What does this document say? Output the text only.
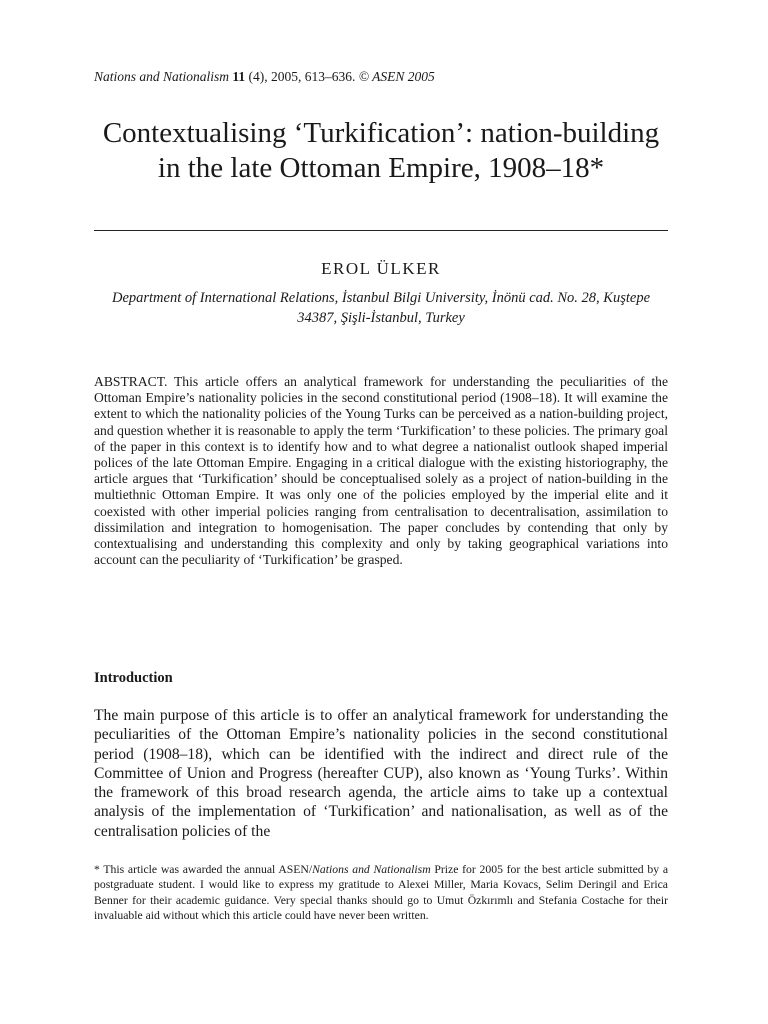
Nations and Nationalism 11 (4), 2005, 613–636. © ASEN 2005
Contextualising ‘Turkification’: nation-building in the late Ottoman Empire, 1908–18*
EROL ÜLKER
Department of International Relations, İstanbul Bilgi University, İnönü cad. No. 28, Kuştepe 34387, Şişli-İstanbul, Turkey
ABSTRACT. This article offers an analytical framework for understanding the peculiarities of the Ottoman Empire’s nationality policies in the second constitutional period (1908–18). It will examine the extent to which the nationality policies of the Young Turks can be perceived as a nation-building project, and question whether it is reasonable to apply the term ‘Turkification’ to these policies. The primary goal of the paper in this context is to identify how and to what degree a nationalist outlook shaped imperial polices of the late Ottoman Empire. Engaging in a critical dialogue with the existing historiography, the article argues that ‘Turkification’ should be conceptualised solely as a project of nation-building in the multiethnic Ottoman Empire. It was only one of the policies employed by the imperial elite and it coexisted with other imperial policies ranging from centralisation to decentralisation, assimilation to dissimilation and integration to homogenisation. The paper concludes by contending that only by contextualising and understanding this complexity and only by taking geographical variations into account can the peculiarity of ‘Turkification’ be grasped.
Introduction
The main purpose of this article is to offer an analytical framework for understanding the peculiarities of the Ottoman Empire’s nationality policies in the second constitutional period (1908–18), which can be identified with the indirect and direct rule of the Committee of Union and Progress (hereafter CUP), also known as ‘Young Turks’. Within the framework of this broad research agenda, the article aims to take up a contextual analysis of the implementation of ‘Turkification’ and nationalisation, as well as of the centralisation policies of the
* This article was awarded the annual ASEN/Nations and Nationalism Prize for 2005 for the best article submitted by a postgraduate student. I would like to express my gratitude to Alexei Miller, Maria Kovacs, Selim Deringil and Erica Benner for their academic guidance. Very special thanks should go to Umut Özkırımlı and Stefania Costache for their invaluable aid without which this article could have never been written.
